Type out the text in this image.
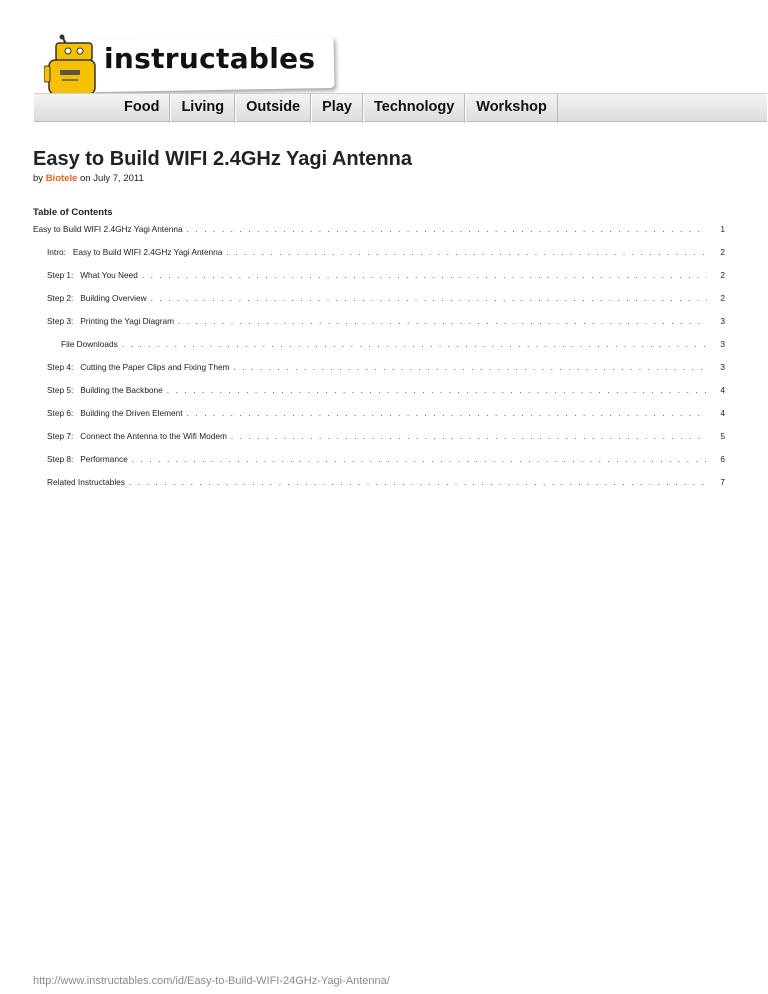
instructables
Food	Living	Outside	Play	Technology	Workshop
Easy to Build WIFI 2.4GHz Yagi Antenna
by Biotele on July 7, 2011
Table of Contents
Easy to Build WIFI 2.4GHz Yagi Antenna . . .	1
Intro:   Easy to Build WIFI 2.4GHz Yagi Antenna . . .	2
Step 1:   What You Need . . .	2
Step 2:   Building Overview . . .	2
Step 3:   Printing the Yagi Diagram . . .	3
File Downloads . . .	3
Step 4:   Cutting the Paper Clips and Fixing Them . . .	3
Step 5:   Building the Backbone . . .	4
Step 6:   Building the Driven Element . . .	4
Step 7:   Connect the Antenna to the Wifi Modem . . .	5
Step 8:   Performance . . .	6
Related Instructables . . .	7
http://www.instructables.com/id/Easy-to-Build-WIFI-24GHz-Yagi-Antenna/
